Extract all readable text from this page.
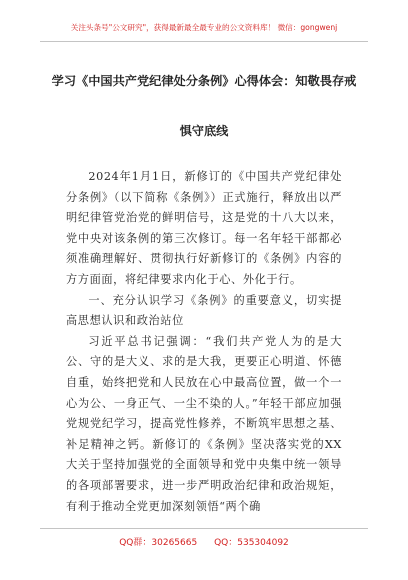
关注头条号"公文研究"，获得最新最全最专业的公文资料库！ 微信：gongwenj
学习《中国共产党纪律处分条例》心得体会：知敬畏存戒
惧守底线

2024年1月1日，新修订的《中国共产党纪律处分条例》（以下简称《条例》）正式施行，释放出以严明纪律管党治党的鲜明信号，这是党的十八大以来，党中央对该条例的第三次修订。每一名年轻干部都必须准确理解好、贯彻执行好新修订的《条例》内容的方方面面，将纪律要求内化于心、外化于行。

一、充分认识学习《条例》的重要意义，切实提高思想认识和政治站位

习近平总书记强调：“我们共产党人为的是大公、守的是大义、求的是大我，更要正心明道、怀德自重，始终把党和人民放在心中最高位置，做一个一心为公、一身正气、一尘不染的人。”年轻干部应加强党规党纪学习，提高党性修养，不断筑牢思想之基、补足精神之钙。新修订的《条例》坚决落实党的XX大关于坚持加强党的全面领导和党中央集中统一领导的各项部署要求，进一步严明政治纪律和政治规矩，有利于推动全党更加深刻领悟“两个确

QQ群：30265665 QQ：535304092
